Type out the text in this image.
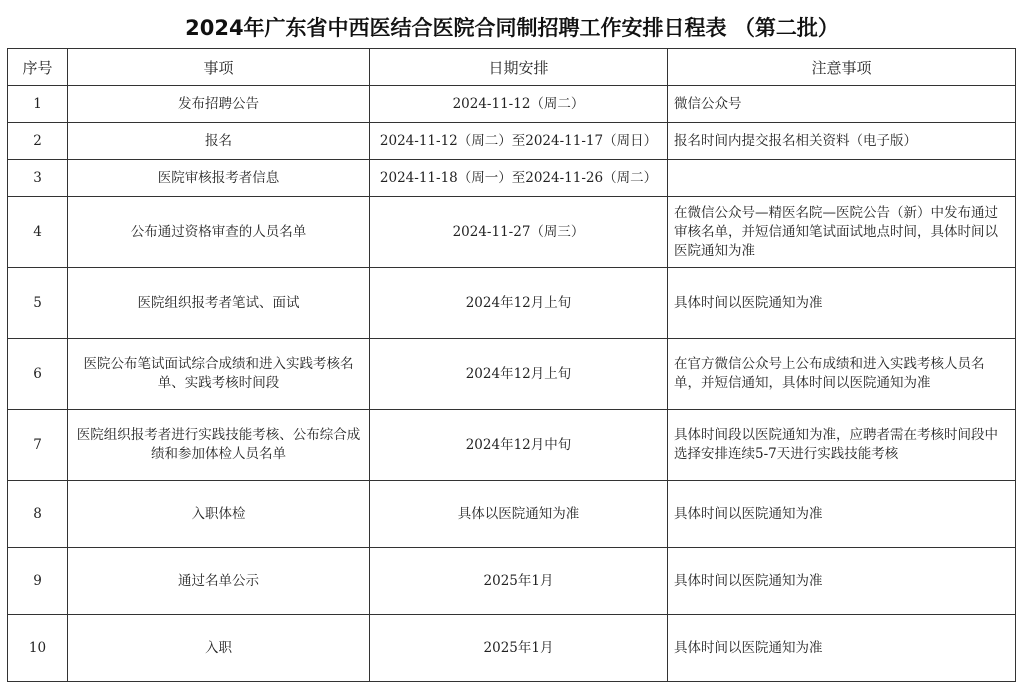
2024年广东省中西医结合医院合同制招聘工作安排日程表 （第二批）
序号	事项	日期安排	注意事项
1	发布招聘公告	2024-11-12（周二）	微信公众号
2	报名	2024-11-12（周二）至2024-11-17（周日）	报名时间内提交报名相关资料（电子版）
3	医院审核报考者信息	2024-11-18（周一）至2024-11-26（周二）	
4	公布通过资格审查的人员名单	2024-11-27（周三）	在微信公众号—精医名院—医院公告（新）中发布通过审核名单，并短信通知笔试面试地点时间，具体时间以医院通知为准
5	医院组织报考者笔试、面试	2024年12月上旬	具体时间以医院通知为准
6	医院公布笔试面试综合成绩和进入实践考核名单、实践考核时间段	2024年12月上旬	在官方微信公众号上公布成绩和进入实践考核人员名单，并短信通知，具体时间以医院通知为准
7	医院组织报考者进行实践技能考核、公布综合成绩和参加体检人员名单	2024年12月中旬	具体时间段以医院通知为准，应聘者需在考核时间段中选择安排连续5-7天进行实践技能考核
8	入职体检	具体以医院通知为准	具体时间以医院通知为准
9	通过名单公示	2025年1月	具体时间以医院通知为准
10	入职	2025年1月	具体时间以医院通知为准
